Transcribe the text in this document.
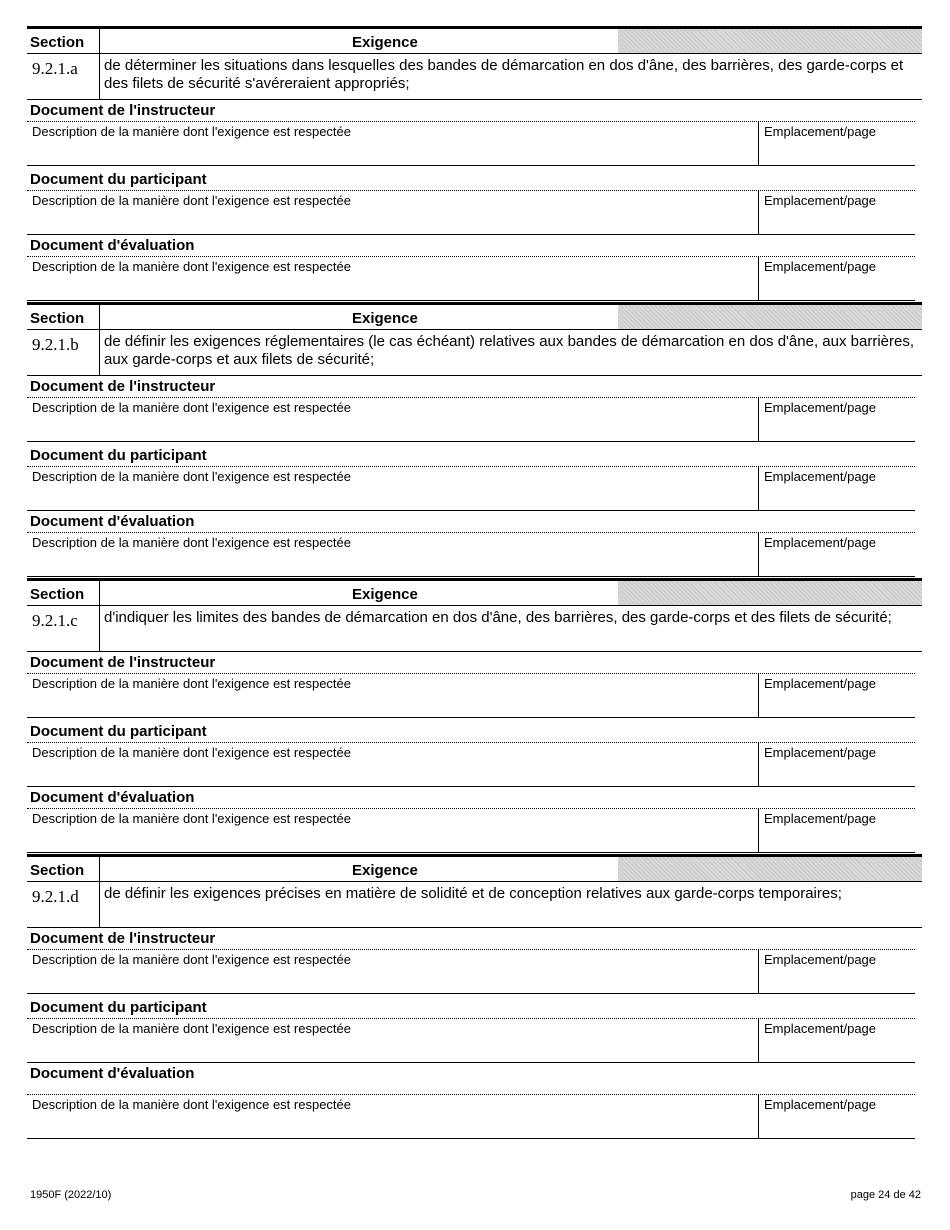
Section	Exigence
9.2.1.a de déterminer les situations dans lesquelles des bandes de démarcation en dos d'âne, des barrières, des garde-corps et des filets de sécurité s'avéreraient appropriés;
Document de l'instructeur
Description de la manière dont l'exigence est respectée	Emplacement/page
Document du participant
Description de la manière dont l'exigence est respectée	Emplacement/page
Document d'évaluation
Description de la manière dont l'exigence est respectée	Emplacement/page
Section	Exigence
9.2.1.b de définir les exigences réglementaires (le cas échéant) relatives aux bandes de démarcation en dos d'âne, aux barrières, aux garde-corps et aux filets de sécurité;
Document de l'instructeur
Description de la manière dont l'exigence est respectée	Emplacement/page
Document du participant
Description de la manière dont l'exigence est respectée	Emplacement/page
Document d'évaluation
Description de la manière dont l'exigence est respectée	Emplacement/page
Section	Exigence
9.2.1.c d'indiquer les limites des bandes de démarcation en dos d'âne, des barrières, des garde-corps et des filets de sécurité;
Document de l'instructeur
Description de la manière dont l'exigence est respectée	Emplacement/page
Document du participant
Description de la manière dont l'exigence est respectée	Emplacement/page
Document d'évaluation
Description de la manière dont l'exigence est respectée	Emplacement/page
Section	Exigence
9.2.1.d de définir les exigences précises en matière de solidité et de conception relatives aux garde-corps temporaires;
Document de l'instructeur
Description de la manière dont l'exigence est respectée	Emplacement/page
Document du participant
Description de la manière dont l'exigence est respectée	Emplacement/page
Document d'évaluation
Description de la manière dont l'exigence est respectée	Emplacement/page
1950F (2022/10)	page 24 de 42
